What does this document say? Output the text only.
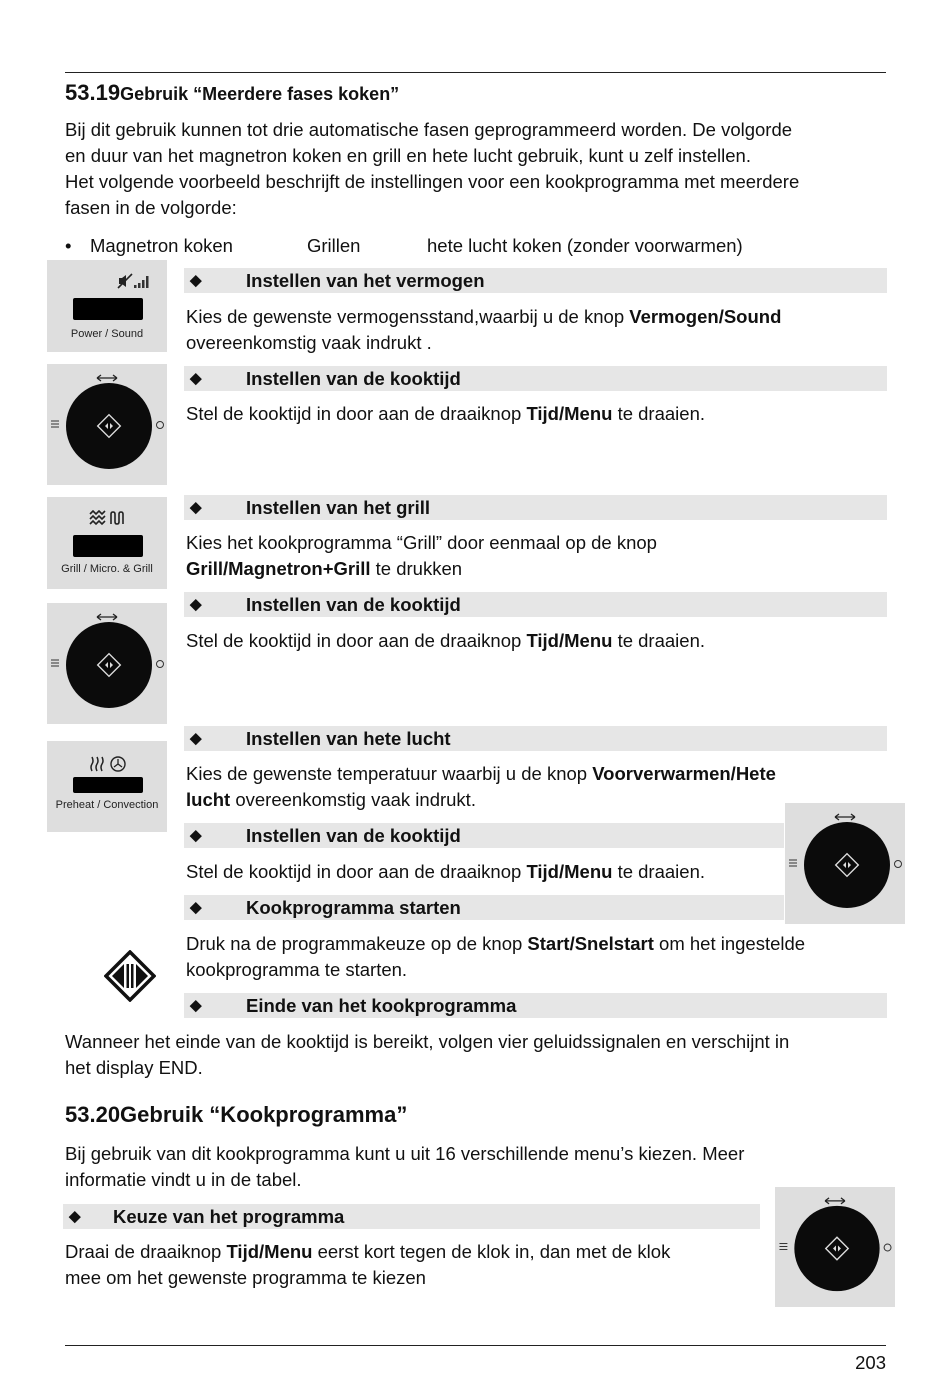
53.19Gebruik “Meerdere fases koken”
Bij dit gebruik kunnen tot drie automatische fasen geprogrammeerd worden. De volgorde
en duur van het magnetron koken en grill en hete lucht gebruik, kunt u zelf instellen.
Het volgende voorbeeld beschrijft de instellingen voor een kookprogramma met meerdere
fasen in de volgorde:
• Magnetron koken	Grillen	hete lucht koken (zonder voorwarmen)
Power / Sound
◆ Instellen van het vermogen
Kies de gewenste vermogensstand,waarbij u de knop Vermogen/Sound
overeenkomstig vaak indrukt .
◆ Instellen van de kooktijd
Stel de kooktijd in door aan de draaiknop Tijd/Menu te draaien.
Grill / Micro. & Grill
◆ Instellen van het grill
Kies het kookprogramma “Grill” door eenmaal op de knop
Grill/Magnetron+Grill te drukken
◆ Instellen van de kooktijd
Stel de kooktijd in door aan de draaiknop Tijd/Menu te draaien.
Preheat / Convection
◆ Instellen van hete lucht
Kies de gewenste temperatuur waarbij u de knop Voorverwarmen/Hete
lucht overeenkomstig vaak indrukt.
◆ Instellen van de kooktijd
Stel de kooktijd in door aan de draaiknop Tijd/Menu te draaien.
◆ Kookprogramma starten
Druk na de programmakeuze op de knop Start/Snelstart om het ingestelde
kookprogramma te starten.
◆ Einde van het kookprogramma
Wanneer het einde van de kooktijd is bereikt, volgen vier geluidssignalen en verschijnt in
het display END.
53.20Gebruik “Kookprogramma”
Bij gebruik van dit kookprogramma kunt u uit 16 verschillende menu’s kiezen. Meer
informatie vindt u in de tabel.
◆ Keuze van het programma
Draai de draaiknop Tijd/Menu eerst kort tegen de klok in, dan met de klok
mee om het gewenste programma te kiezen
203
